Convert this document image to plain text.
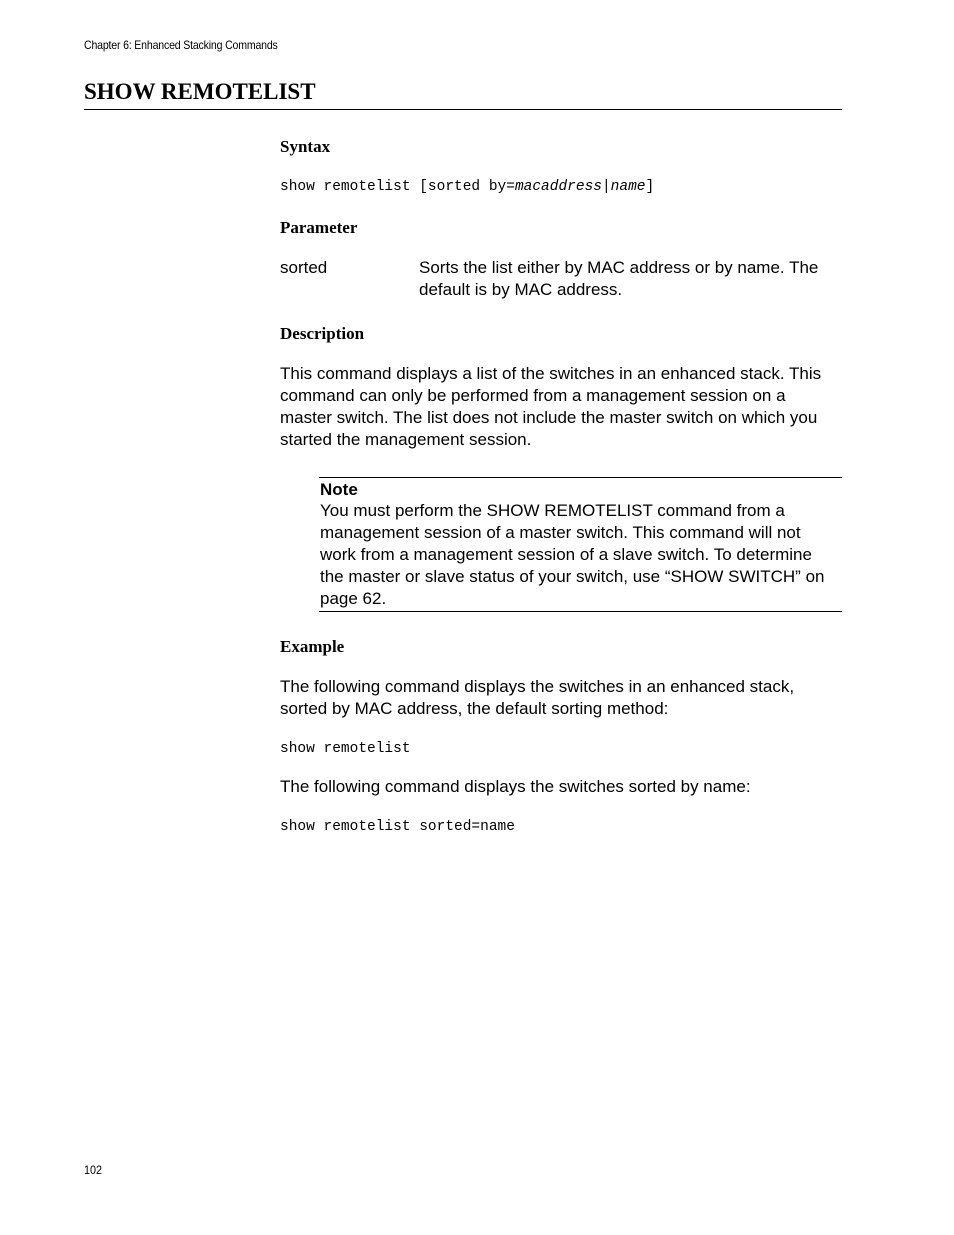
Chapter 6: Enhanced Stacking Commands
SHOW REMOTELIST
Syntax
show remotelist [sorted by=macaddress|name]
Parameter
sorted	Sorts the list either by MAC address or by name. The default is by MAC address.
Description

This command displays a list of the switches in an enhanced stack. This command can only be performed from a management session on a master switch. The list does not include the master switch on which you started the management session.

Note

You must perform the SHOW REMOTELIST command from a management session of a master switch. This command will not work from a management session of a slave switch. To determine the master or slave status of your switch, use “SHOW SWITCH” on page 62.

Example

The following command displays the switches in an enhanced stack, sorted by MAC address, the default sorting method:

show remotelist

The following command displays the switches sorted by name:

show remotelist sorted=name
102
